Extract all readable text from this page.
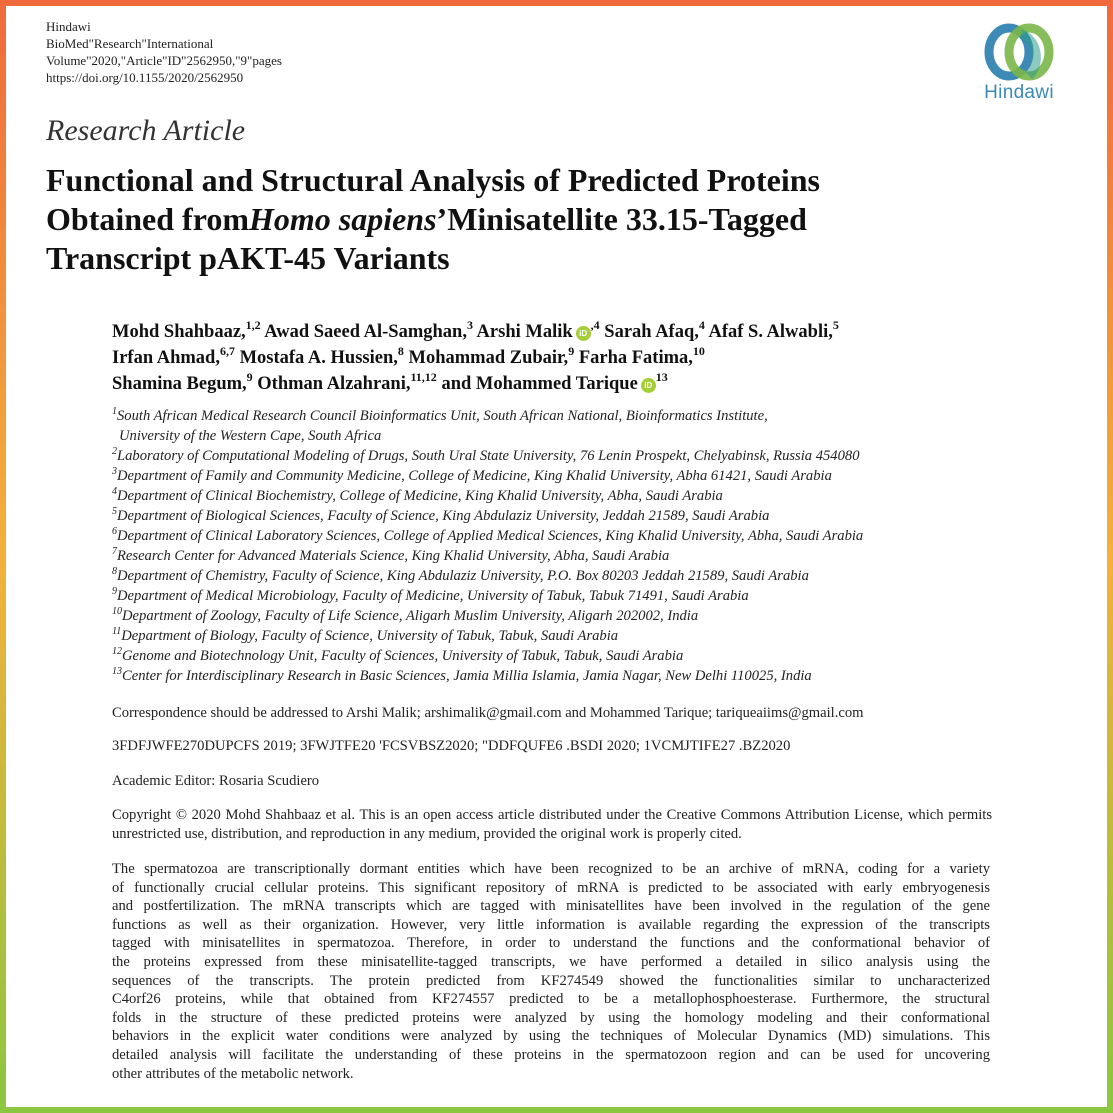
Hindawi
BioMed"Research"International
Volume"2020,"Article"ID"2562950,"9"pages
https://doi.org/10.1155/2020/2562950
Hindawi
Research Article
Functional and Structural Analysis of Predicted Proteins
Obtained fromHomo sapiens’Minisatellite 33.15-Tagged
Transcript pAKT-45 Variants
Mohd Shahbaaz,$^{1,2}$ Awad Saeed Al-Samghan,$^3$ Arshi Malik $iD^{,4}$ Sarah Afaq,$^4$ Afaf S. Alwabli,$^5$
Irfan Ahmad,$^{6,7}$ Mostafa A. Hussien,$^8$ Mohammad Zubair,$^9$ Farha Fatima,$^{10}$
Shamina Begum,$^9$ Othman Alzahrani,$^{11,12}$ and Mohammed Tarique $iD^{13}$
$^1$South African Medical Research Council Bioinformatics Unit, South African National, Bioinformatics Institute,
University of the Western Cape, South Africa
$^2$Laboratory of Computational Modeling of Drugs, South Ural State University, 76 Lenin Prospekt, Chelyabinsk, Russia 454080
$^3$Department of Family and Community Medicine, College of Medicine, King Khalid University, Abha 61421, Saudi Arabia
$^4$Department of Clinical Biochemistry, College of Medicine, King Khalid University, Abha, Saudi Arabia
$^5$Department of Biological Sciences, Faculty of Science, King Abdulaziz University, Jeddah 21589, Saudi Arabia
$^6$Department of Clinical Laboratory Sciences, College of Applied Medical Sciences, King Khalid University, Abha, Saudi Arabia
$^7$Research Center for Advanced Materials Science, King Khalid University, Abha, Saudi Arabia
$^8$Department of Chemistry, Faculty of Science, King Abdulaziz University, P.O. Box 80203 Jeddah 21589, Saudi Arabia
$^9$Department of Medical Microbiology, Faculty of Medicine, University of Tabuk, Tabuk 71491, Saudi Arabia
$^{10}$Department of Zoology, Faculty of Life Science, Aligarh Muslim University, Aligarh 202002, India
$^{11}$Department of Biology, Faculty of Science, University of Tabuk, Tabuk, Saudi Arabia
$^{12}$Genome and Biotechnology Unit, Faculty of Sciences, University of Tabuk, Tabuk, Saudi Arabia
$^{13}$Center for Interdisciplinary Research in Basic Sciences, Jamia Millia Islamia, Jamia Nagar, New Delhi 110025, India
Correspondence should be addressed to Arshi Malik; arshimalik@gmail.com and Mohammed Tarique; tariqueaiims@gmail.com
3FDFJWFE270DUPCFS 2019; 3FWJTFE20 'FCSVBSZ2020; "DDFQUFE6 .BSDI 2020; 1VCMJTIFE27 .BZ2020
Academic Editor: Rosaria Scudiero
Copyright © 2020 Mohd Shahbaaz et al. This is an open access article distributed under the Creative Commons Attribution License, which permits unrestricted use, distribution, and reproduction in any medium, provided the original work is properly cited.
The spermatozoa are transcriptionally dormant entities which have been recognized to be an archive of mRNA, coding for a variety
of functionally crucial cellular proteins. This significant repository of mRNA is predicted to be associated with early embryogenesis
and postfertilization. The mRNA transcripts which are tagged with minisatellites have been involved in the regulation of the gene
functions as well as their organization. However, very little information is available regarding the expression of the transcripts
tagged with minisatellites in spermatozoa. Therefore, in order to understand the functions and the conformational behavior of
the proteins expressed from these minisatellite-tagged transcripts, we have performed a detailed in silico analysis using the
sequences of the transcripts. The protein predicted from KF274549 showed the functionalities similar to uncharacterized
C4orf26 proteins, while that obtained from KF274557 predicted to be a metallophosphoesterase. Furthermore, the structural
folds in the structure of these predicted proteins were analyzed by using the homology modeling and their conformational
behaviors in the explicit water conditions were analyzed by using the techniques of Molecular Dynamics (MD) simulations. This
detailed analysis will facilitate the understanding of these proteins in the spermatozoon region and can be used for uncovering
other attributes of the metabolic network.
